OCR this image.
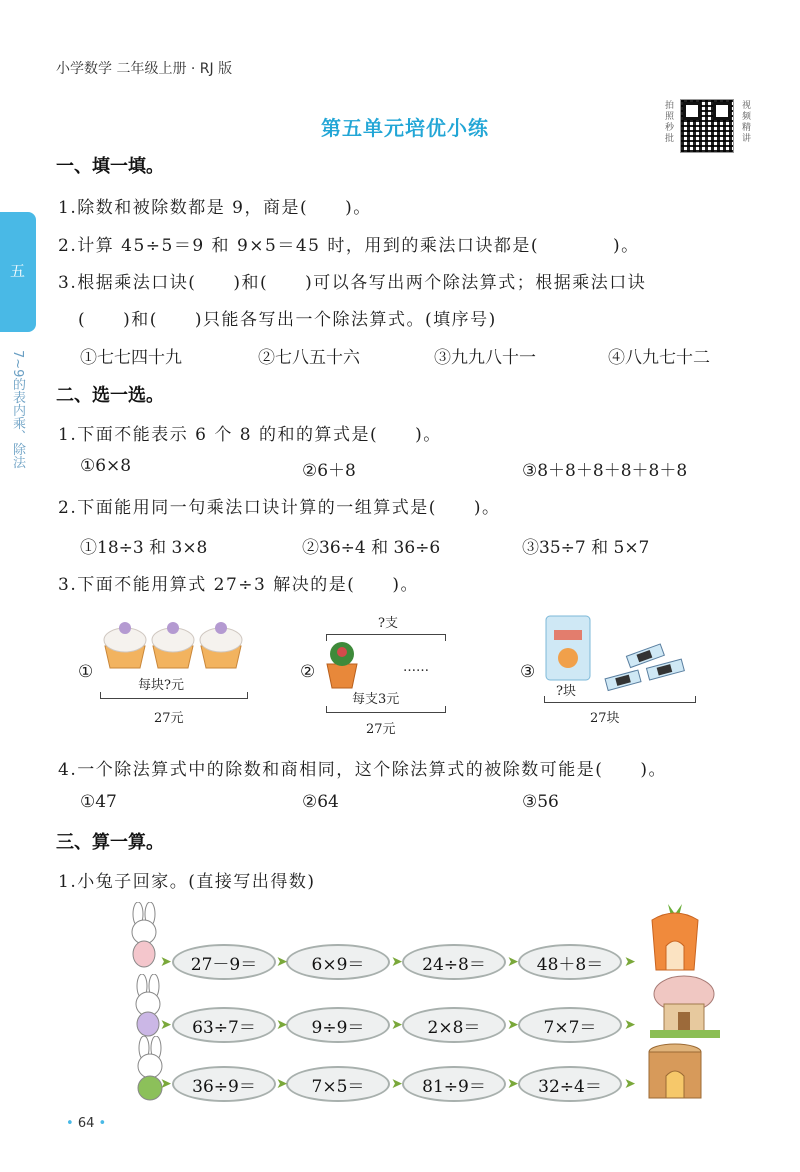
小学数学 二年级上册 · RJ 版
第五单元培优小练
拍照秒批
视频精讲
五
7~9的表内乘、除法
一、填一填。
1.除数和被除数都是 9，商是(　　)。
2.计算 45÷5＝9 和 9×5＝45 时，用到的乘法口诀都是(　　　　)。
3.根据乘法口诀(　　)和(　　)可以各写出两个除法算式；根据乘法口诀
(　　)和(　　)只能各写出一个除法算式。(填序号)
①七七四十九	②七八五十六	③九九八十一	④八九七十二
二、选一选。
1.下面不能表示 6 个 8 的和的算式是(　　)。
①6×8	②6＋8	③8＋8＋8＋8＋8＋8
2.下面能用同一句乘法口诀计算的一组算式是(　　)。
①18÷3 和 3×8	②36÷4 和 36÷6	③35÷7 和 5×7
3.下面不能用算式 27÷3 解决的是(　　)。
①
每块?元
27元
?支
②	……
每支3元
27元
③
?块
27块
4.一个除法算式中的除数和商相同，这个除法算式的被除数可能是(　　)。
①47	②64	③56
三、算一算。
1.小兔子回家。(直接写出得数)
27－9＝	6×9＝	24÷8＝	48＋8＝
63÷7＝	9÷9＝	2×8＝	7×7＝
36÷9＝	7×5＝	81÷9＝	32÷4＝
➤	➤	➤	➤	➤
➤	➤	➤	➤	➤
➤	➤	➤	➤	➤
• 64 •
